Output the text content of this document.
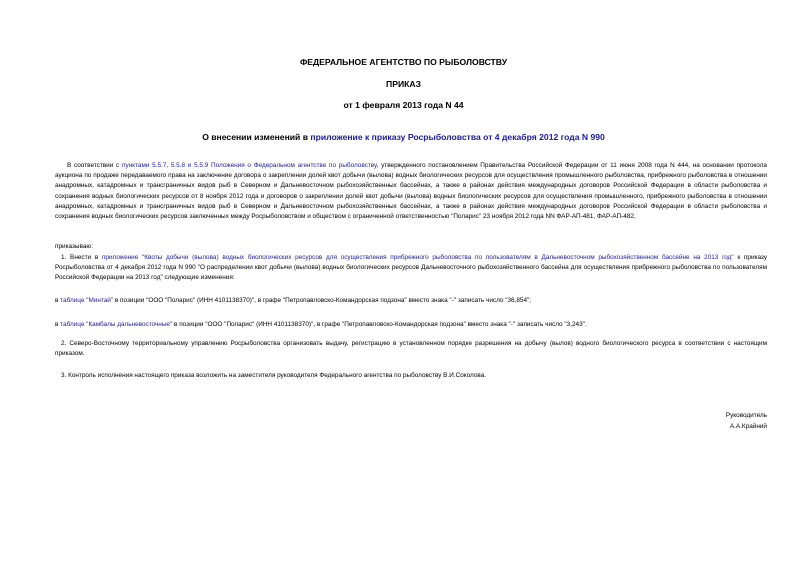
ФЕДЕРАЛЬНОЕ АГЕНТСТВО ПО РЫБОЛОВСТВУ
ПРИКАЗ
от 1 февраля 2013 года N 44
О внесении изменений в приложение к приказу Росрыболовства от 4 декабря 2012 года N 990
В соответствии с пунктами 5.5.7, 5.5.8 и 5.5.9 Положения о Федеральном агентстве по рыболовству, утвержденного постановлением Правительства Российской Федерации от 11 июня 2008 года N 444, на основании протокола аукциона по продаже передаваемого права на заключение договора о закреплении долей квот добычи (вылова) водных биологических ресурсов для осуществления промышленного рыболовства, прибрежного рыболовства в отношении анадромных, катадромных и трансграничных видов рыб в Северном и Дальневосточном рыбохозяйственных бассейнах, а также в районах действия международных договоров Российской Федерации в области рыболовства и сохранения водных биологических ресурсов от 8 ноября 2012 года и договоров о закреплении долей квот добычи (вылова) водных биологических ресурсов для осуществления промышленного, прибрежного рыболовства в отношении анадромных, катадромных и трансграничных видов рыб в Северном и Дальневосточном рыбохозяйственных бассейнах, а также в районах действия международных договоров Российской Федерации в области рыболовства и сохранения водных биологических ресурсов заключенных между Росрыболовством и обществом с ограниченной ответственностью "Поларис" 23 ноября 2012 года NN ФАР-АП-481, ФАР-АП-482,
приказываю:
1. Внести в приложение "Квоты добычи (вылова) водных биологических ресурсов для осуществления прибрежного рыболовства по пользователям в Дальневосточном рыбохозяйственном бассейне на 2013 год" к приказу Росрыболовства от 4 декабря 2012 года N 990 "О распределении квот добычи (вылова) водных биологических ресурсов Дальневосточного рыбохозяйственного бассейна для осуществления прибрежного рыболовства по пользователям Российской Федерации на 2013 год" следующие изменения:
в таблице "Минтай" в позиции "ООО "Поларис" (ИНН 4101138370)", в графе "Петропавловско-Командорская подзона" вместо знака "-" записать число "36,854";
в таблице "Камбалы дальневосточные" в позиции "ООО "Поларис" (ИНН 4101138370)", в графе "Петропавловско-Командорская подзона" вместо знака "-" записать число "3,243".
2. Северо-Восточному территориальному управлению Росрыболовства организовать выдачу, регистрацию в установленном порядке разрешения на добычу (вылов) водного биологического ресурса в соответствии с настоящим приказом.
3. Контроль исполнения настоящего приказа возложить на заместителя руководителя Федерального агентства по рыболовству В.И.Соколова.
Руководитель
А.А.Крайний
